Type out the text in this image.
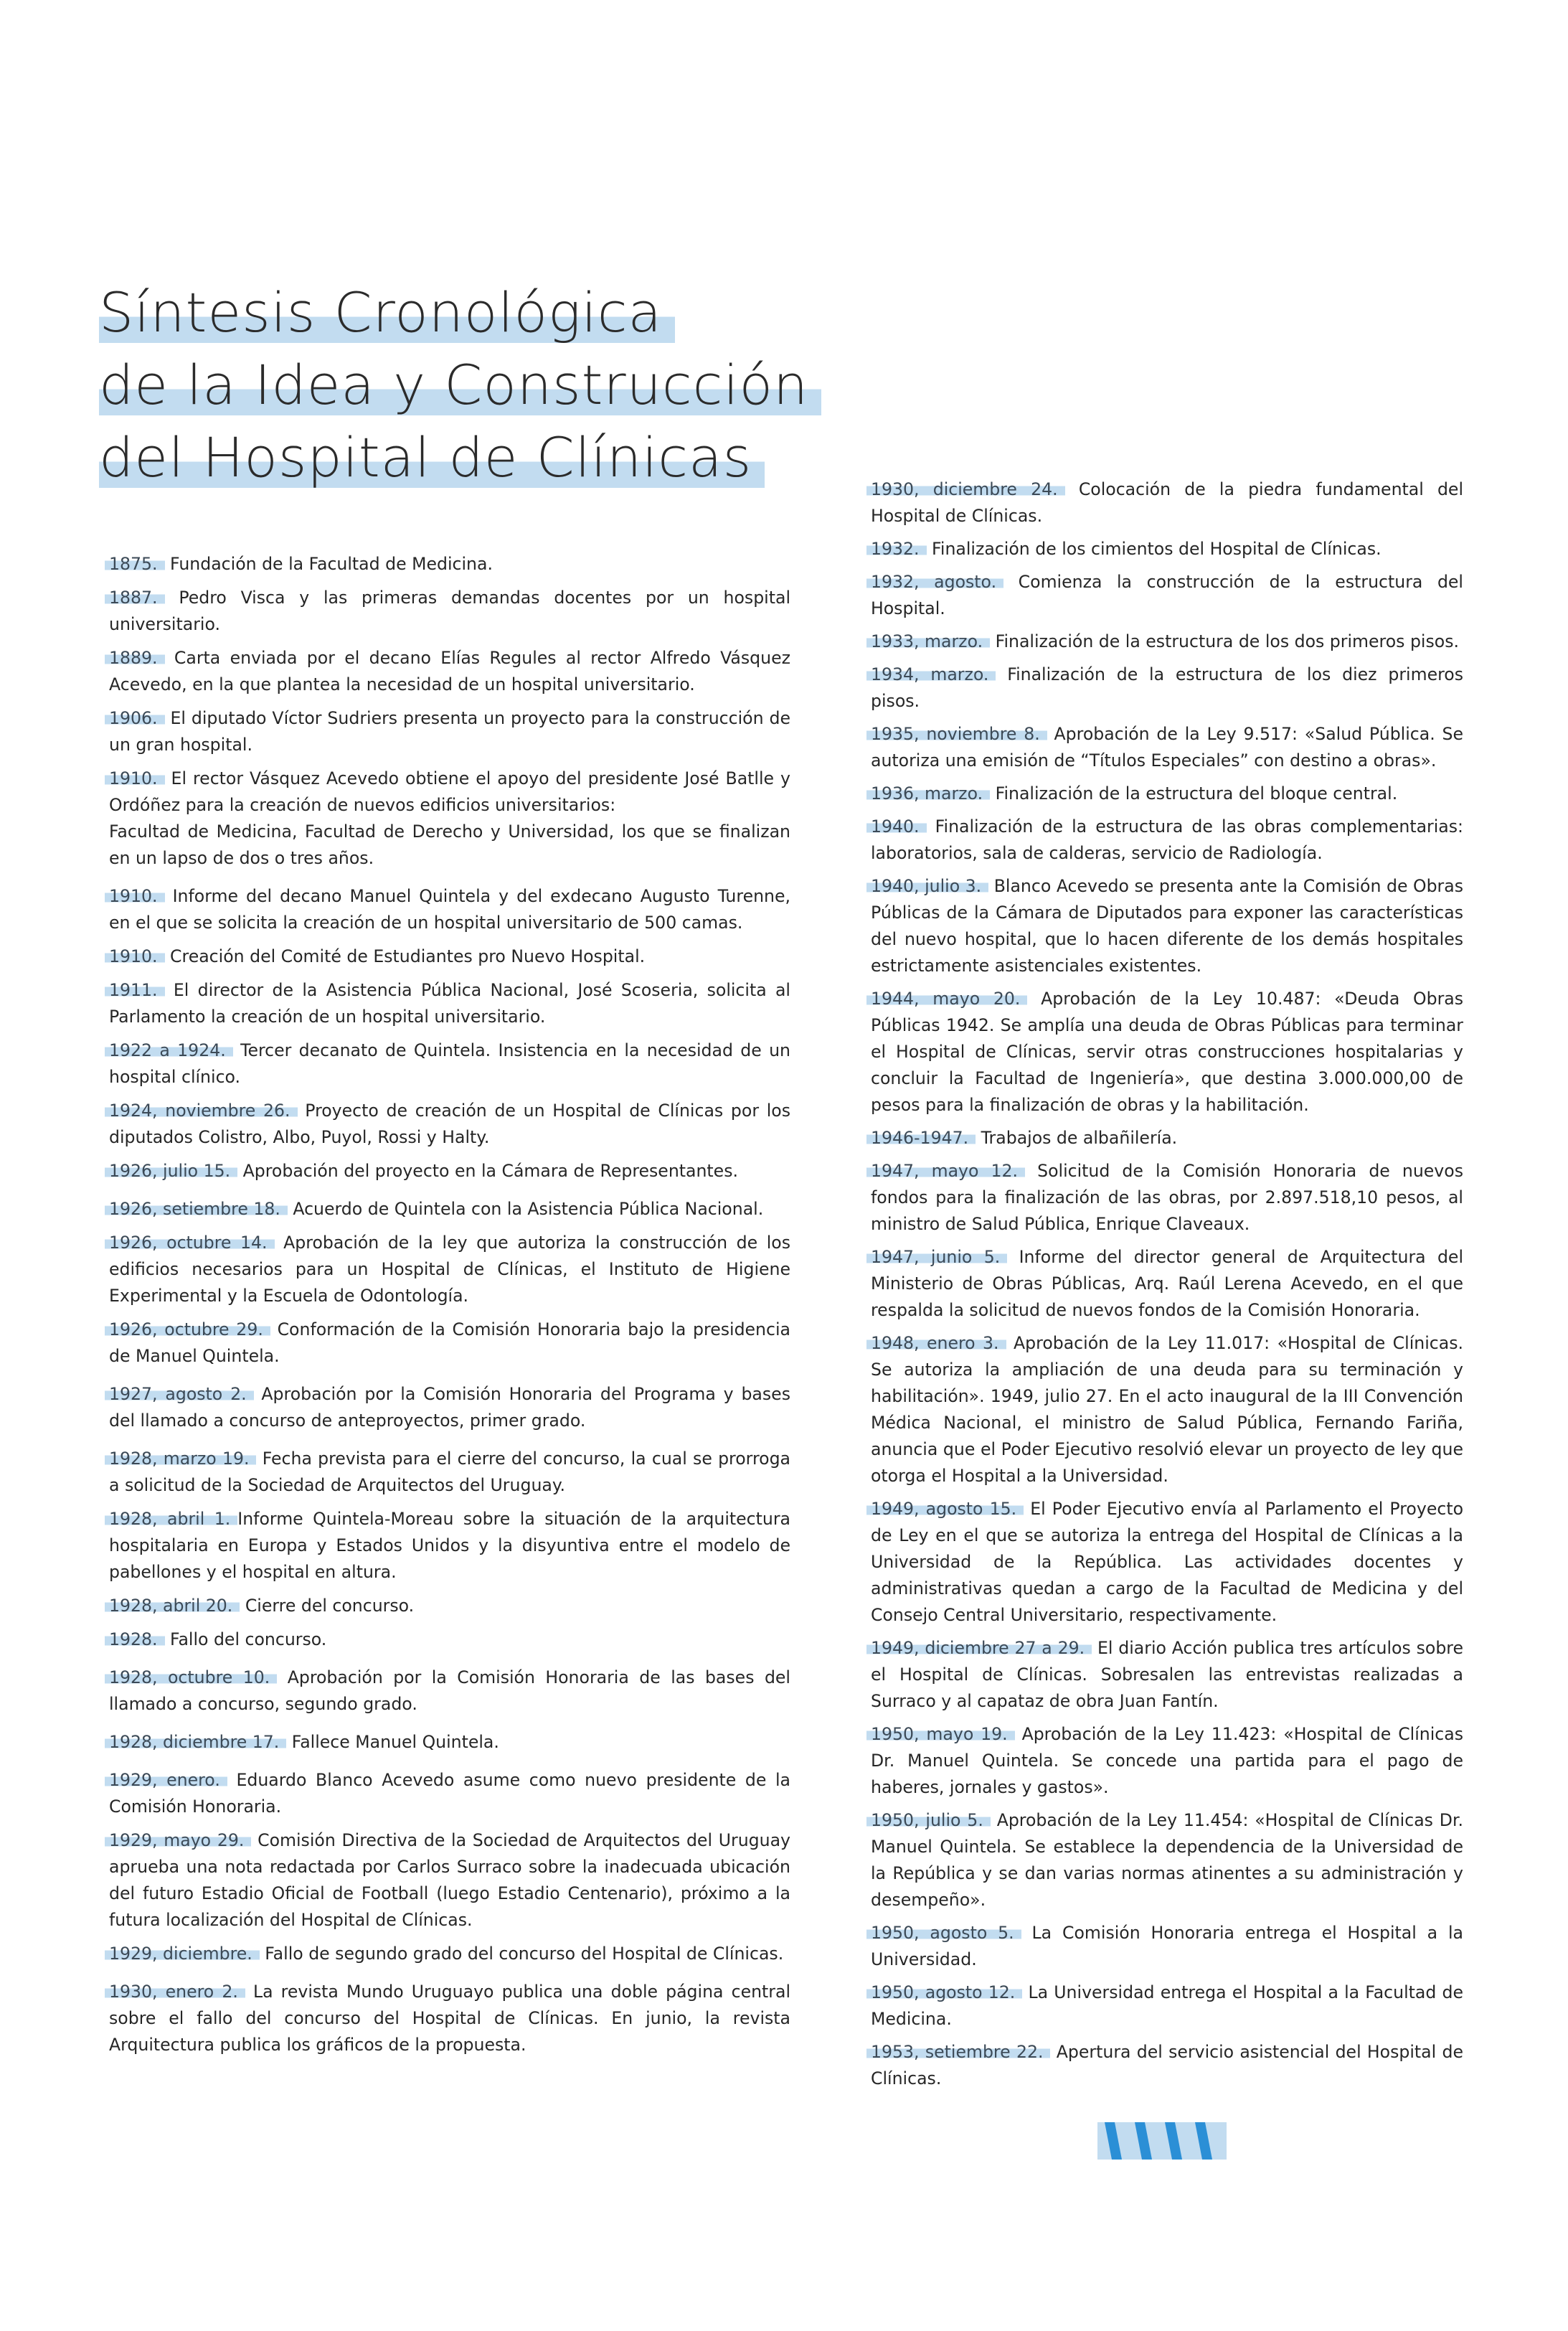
Síntesis Cronológica
de la Idea y Construcción
del Hospital de Clínicas

1875. Fundación de la Facultad de Medicina.

1887. Pedro Visca y las primeras demandas docentes por un hospital universitario.

1889. Carta enviada por el decano Elías Regules al rector Alfredo Vásquez Acevedo, en la que plantea la necesidad de un hospital universitario.

1906. El diputado Víctor Sudriers presenta un proyecto para la construcción de un gran hospital.

1910. El rector Vásquez Acevedo obtiene el apoyo del presidente José Batlle y Ordóñez para la creación de nuevos edificios universitarios:
Facultad de Medicina, Facultad de Derecho y Universidad, los que se finalizan en un lapso de dos o tres años.

1910. Informe del decano Manuel Quintela y del exdecano Augusto Turenne, en el que se solicita la creación de un hospital universitario de 500 camas.

1910. Creación del Comité de Estudiantes pro Nuevo Hospital.

1911. El director de la Asistencia Pública Nacional, José Scoseria, solicita al Parlamento la creación de un hospital universitario.

1922 a 1924. Tercer decanato de Quintela. Insistencia en la necesidad de un hospital clínico.

1924, noviembre 26. Proyecto de creación de un Hospital de Clínicas por los diputados Colistro, Albo, Puyol, Rossi y Halty.

1926, julio 15. Aprobación del proyecto en la Cámara de Representantes.

1926, setiembre 18. Acuerdo de Quintela con la Asistencia Pública Nacional.

1926, octubre 14. Aprobación de la ley que autoriza la construcción de los edificios necesarios para un Hospital de Clínicas, el Instituto de Higiene Experimental y la Escuela de Odontología.

1926, octubre 29. Conformación de la Comisión Honoraria bajo la presidencia de Manuel Quintela.

1927, agosto 2. Aprobación por la Comisión Honoraria del Programa y bases del llamado a concurso de anteproyectos, primer grado.

1928, marzo 19. Fecha prevista para el cierre del concurso, la cual se prorroga a solicitud de la Sociedad de Arquitectos del Uruguay.

1928, abril 1. Informe Quintela-Moreau sobre la situación de la arquitectura hospitalaria en Europa y Estados Unidos y la disyuntiva entre el modelo de pabellones y el hospital en altura.

1928, abril 20. Cierre del concurso.

1928. Fallo del concurso.

1928, octubre 10. Aprobación por la Comisión Honoraria de las bases del llamado a concurso, segundo grado.

1928, diciembre 17. Fallece Manuel Quintela.

1929, enero. Eduardo Blanco Acevedo asume como nuevo presidente de la Comisión Honoraria.

1929, mayo 29. Comisión Directiva de la Sociedad de Arquitectos del Uruguay aprueba una nota redactada por Carlos Surraco sobre la inadecuada ubicación del futuro Estadio Oficial de Football (luego Estadio Centenario), próximo a la futura localización del Hospital de Clínicas.

1929, diciembre. Fallo de segundo grado del concurso del Hospital de Clínicas.

1930, enero 2. La revista Mundo Uruguayo publica una doble página central sobre el fallo del concurso del Hospital de Clínicas. En junio, la revista Arquitectura publica los gráficos de la propuesta.

1930, diciembre 24. Colocación de la piedra fundamental del Hospital de Clínicas.

1932. Finalización de los cimientos del Hospital de Clínicas.

1932, agosto. Comienza la construcción de la estructura del Hospital.

1933, marzo. Finalización de la estructura de los dos primeros pisos.

1934, marzo. Finalización de la estructura de los diez primeros pisos.

1935, noviembre 8. Aprobación de la Ley 9.517: «Salud Pública. Se autoriza una emisión de “Títulos Especiales” con destino a obras».

1936, marzo. Finalización de la estructura del bloque central.

1940. Finalización de la estructura de las obras complementarias: laboratorios, sala de calderas, servicio de Radiología.

1940, julio 3. Blanco Acevedo se presenta ante la Comisión de Obras Públicas de la Cámara de Diputados para exponer las características del nuevo hospital, que lo hacen diferente de los demás hospitales estrictamente asistenciales existentes.

1944, mayo 20. Aprobación de la Ley 10.487: «Deuda Obras Públicas 1942. Se amplía una deuda de Obras Públicas para terminar el Hospital de Clínicas, servir otras construcciones hospitalarias y concluir la Facultad de Ingeniería», que destina 3.000.000,00 de pesos para la finalización de obras y la habilitación.

1946-1947. Trabajos de albañilería.

1947, mayo 12. Solicitud de la Comisión Honoraria de nuevos fondos para la finalización de las obras, por 2.897.518,10 pesos, al ministro de Salud Pública, Enrique Claveaux.

1947, junio 5. Informe del director general de Arquitectura del Ministerio de Obras Públicas, Arq. Raúl Lerena Acevedo, en el que respalda la solicitud de nuevos fondos de la Comisión Honoraria.

1948, enero 3. Aprobación de la Ley 11.017: «Hospital de Clínicas. Se autoriza la ampliación de una deuda para su terminación y habilitación». 1949, julio 27. En el acto inaugural de la III Convención Médica Nacional, el ministro de Salud Pública, Fernando Fariña, anuncia que el Poder Ejecutivo resolvió elevar un proyecto de ley que otorga el Hospital a la Universidad.

1949, agosto 15. El Poder Ejecutivo envía al Parlamento el Proyecto de Ley en el que se autoriza la entrega del Hospital de Clínicas a la Universidad de la República. Las actividades docentes y administrativas quedan a cargo de la Facultad de Medicina y del Consejo Central Universitario, respectivamente.

1949, diciembre 27 a 29. El diario Acción publica tres artículos sobre el Hospital de Clínicas. Sobresalen las entrevistas realizadas a Surraco y al capataz de obra Juan Fantín.

1950, mayo 19. Aprobación de la Ley 11.423: «Hospital de Clínicas Dr. Manuel Quintela. Se concede una partida para el pago de haberes, jornales y gastos».

1950, julio 5. Aprobación de la Ley 11.454: «Hospital de Clínicas Dr. Manuel Quintela. Se establece la dependencia de la Universidad de la República y se dan varias normas atinentes a su administración y desempeño».

1950, agosto 5. La Comisión Honoraria entrega el Hospital a la Universidad.

1950, agosto 12. La Universidad entrega el Hospital a la Facultad de Medicina.

1953, setiembre 22. Apertura del servicio asistencial del Hospital de Clínicas.
